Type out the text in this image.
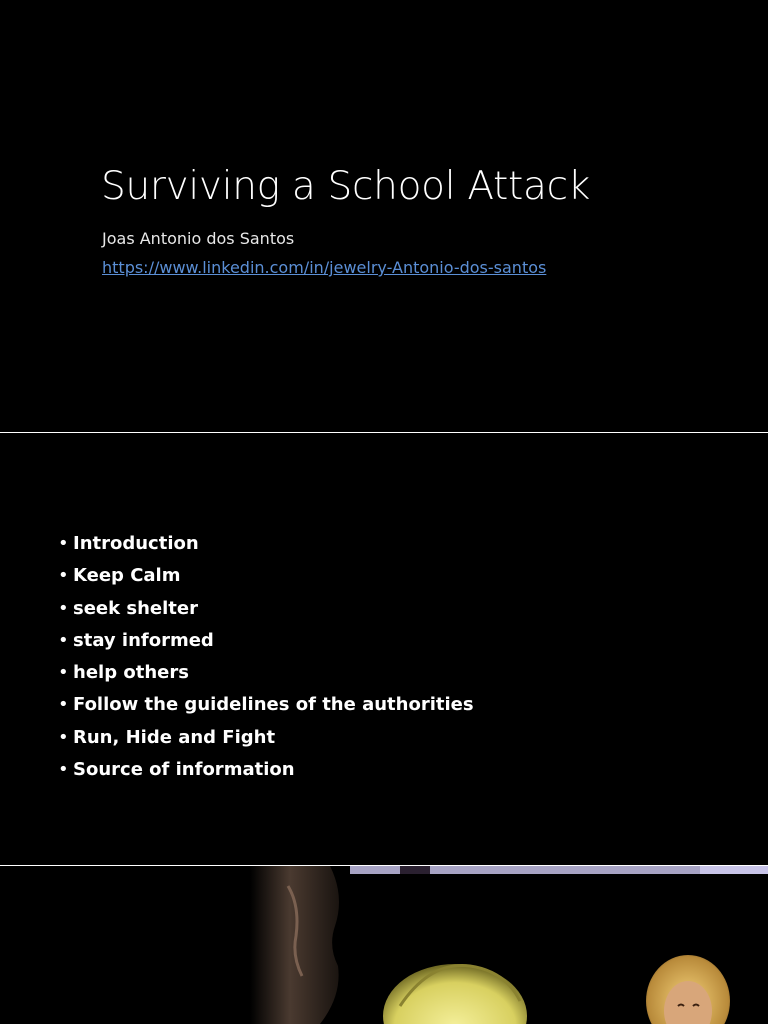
Surviving a School Attack
Joas Antonio dos Santos
https://www.linkedin.com/in/jewelry-Antonio-dos-santos
• Introduction
• Keep Calm
• seek shelter
• stay informed
• help others
• Follow the guidelines of the authorities
• Run, Hide and Fight
• Source of information
